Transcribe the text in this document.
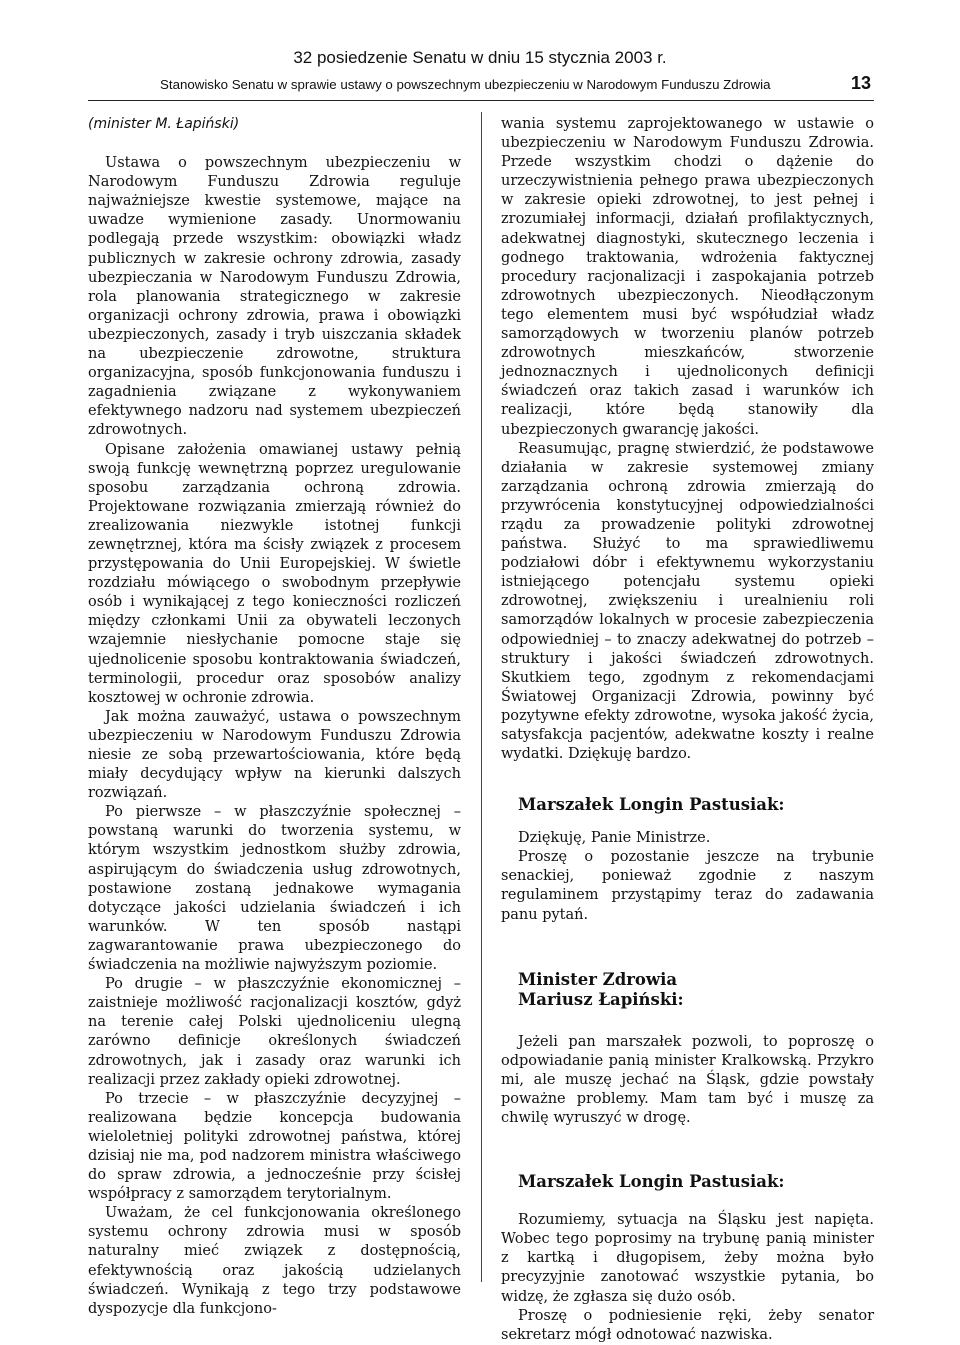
32 posiedzenie Senatu w dniu 15 stycznia 2003 r.
Stanowisko Senatu w sprawie ustawy o powszechnym ubezpieczeniu w Narodowym Funduszu Zdrowia	13

(minister M. Łapiński)

Ustawa o powszechnym ubezpieczeniu w Narodowym Funduszu Zdrowia reguluje najważniejsze kwestie systemowe, mające na uwadze wymienione zasady. Unormowaniu podlegają przede wszystkim: obowiązki władz publicznych w zakresie ochrony zdrowia, zasady ubezpieczania w Narodowym Funduszu Zdrowia, rola planowania strategicznego w zakresie organizacji ochrony zdrowia, prawa i obowiązki ubezpieczonych, zasady i tryb uiszczania składek na ubezpieczenie zdrowotne, struktura organizacyjna, sposób funkcjonowania funduszu i zagadnienia związane z wykonywaniem efektywnego nadzoru nad systemem ubezpieczeń zdrowotnych.

Opisane założenia omawianej ustawy pełnią swoją funkcję wewnętrzną poprzez uregulowanie sposobu zarządzania ochroną zdrowia. Projektowane rozwiązania zmierzają również do zrealizowania niezwykle istotnej funkcji zewnętrznej, która ma ścisły związek z procesem przystępowania do Unii Europejskiej. W świetle rozdziału mówiącego o swobodnym przepływie osób i wynikającej z tego konieczności rozliczeń między członkami Unii za obywateli leczonych wzajemnie niesłychanie pomocne staje się ujednolicenie sposobu kontraktowania świadczeń, terminologii, procedur oraz sposobów analizy kosztowej w ochronie zdrowia.

Jak można zauważyć, ustawa o powszechnym ubezpieczeniu w Narodowym Funduszu Zdrowia niesie ze sobą przewartościowania, które będą miały decydujący wpływ na kierunki dalszych rozwiązań.

Po pierwsze – w płaszczyźnie społecznej – powstaną warunki do tworzenia systemu, w którym wszystkim jednostkom służby zdrowia, aspirującym do świadczenia usług zdrowotnych, postawione zostaną jednakowe wymagania dotyczące jakości udzielania świadczeń i ich warunków. W ten sposób nastąpi zagwarantowanie prawa ubezpieczonego do świadczenia na możliwie najwyższym poziomie.

Po drugie – w płaszczyźnie ekonomicznej – zaistnieje możliwość racjonalizacji kosztów, gdyż na terenie całej Polski ujednoliceniu ulegną zarówno definicje określonych świadczeń zdrowotnych, jak i zasady oraz warunki ich realizacji przez zakłady opieki zdrowotnej.

Po trzecie – w płaszczyźnie decyzyjnej – realizowana będzie koncepcja budowania wieloletniej polityki zdrowotnej państwa, której dzisiaj nie ma, pod nadzorem ministra właściwego do spraw zdrowia, a jednocześnie przy ścisłej współpracy z samorządem terytorialnym.

Uważam, że cel funkcjonowania określonego systemu ochrony zdrowia musi w sposób naturalny mieć związek z dostępnością, efektywnością oraz jakością udzielanych świadczeń. Wynikają z tego trzy podstawowe dyspozycje dla funkcjono-

wania systemu zaprojektowanego w ustawie o ubezpieczeniu w Narodowym Funduszu Zdrowia. Przede wszystkim chodzi o dążenie do urzeczywistnienia pełnego prawa ubezpieczonych w zakresie opieki zdrowotnej, to jest pełnej i zrozumiałej informacji, działań profilaktycznych, adekwatnej diagnostyki, skutecznego leczenia i godnego traktowania, wdrożenia faktycznej procedury racjonalizacji i zaspokajania potrzeb zdrowotnych ubezpieczonych. Nieodłączonym tego elementem musi być współudział władz samorządowych w tworzeniu planów potrzeb zdrowotnych mieszkańców, stworzenie jednoznacznych i ujednoliconych definicji świadczeń oraz takich zasad i warunków ich realizacji, które będą stanowiły dla ubezpieczonych gwarancję jakości.

Reasumując, pragnę stwierdzić, że podstawowe działania w zakresie systemowej zmiany zarządzania ochroną zdrowia zmierzają do przywrócenia konstytucyjnej odpowiedzialności rządu za prowadzenie polityki zdrowotnej państwa. Służyć to ma sprawiedliwemu podziałowi dóbr i efektywnemu wykorzystaniu istniejącego potencjału systemu opieki zdrowotnej, zwiększeniu i urealnieniu roli samorządów lokalnych w procesie zabezpieczenia odpowiedniej – to znaczy adekwatnej do potrzeb – struktury i jakości świadczeń zdrowotnych. Skutkiem tego, zgodnym z rekomendacjami Światowej Organizacji Zdrowia, powinny być pozytywne efekty zdrowotne, wysoka jakość życia, satysfakcja pacjentów, adekwatne koszty i realne wydatki. Dziękuję bardzo.

Marszałek Longin Pastusiak:

Dziękuję, Panie Ministrze.

Proszę o pozostanie jeszcze na trybunie senackiej, ponieważ zgodnie z naszym regulaminem przystąpimy teraz do zadawania panu pytań.

Minister Zdrowia
Mariusz Łapiński:

Jeżeli pan marszałek pozwoli, to poproszę o odpowiadanie panią minister Kralkowską. Przykro mi, ale muszę jechać na Śląsk, gdzie powstały poważne problemy. Mam tam być i muszę za chwilę wyruszyć w drogę.

Marszałek Longin Pastusiak:

Rozumiemy, sytuacja na Śląsku jest napięta. Wobec tego poprosimy na trybunę panią minister z kartką i długopisem, żeby można było precyzyjnie zanotować wszystkie pytania, bo widzę, że zgłasza się dużo osób.

Proszę o podniesienie ręki, żeby senator sekretarz mógł odnotować nazwiska.
